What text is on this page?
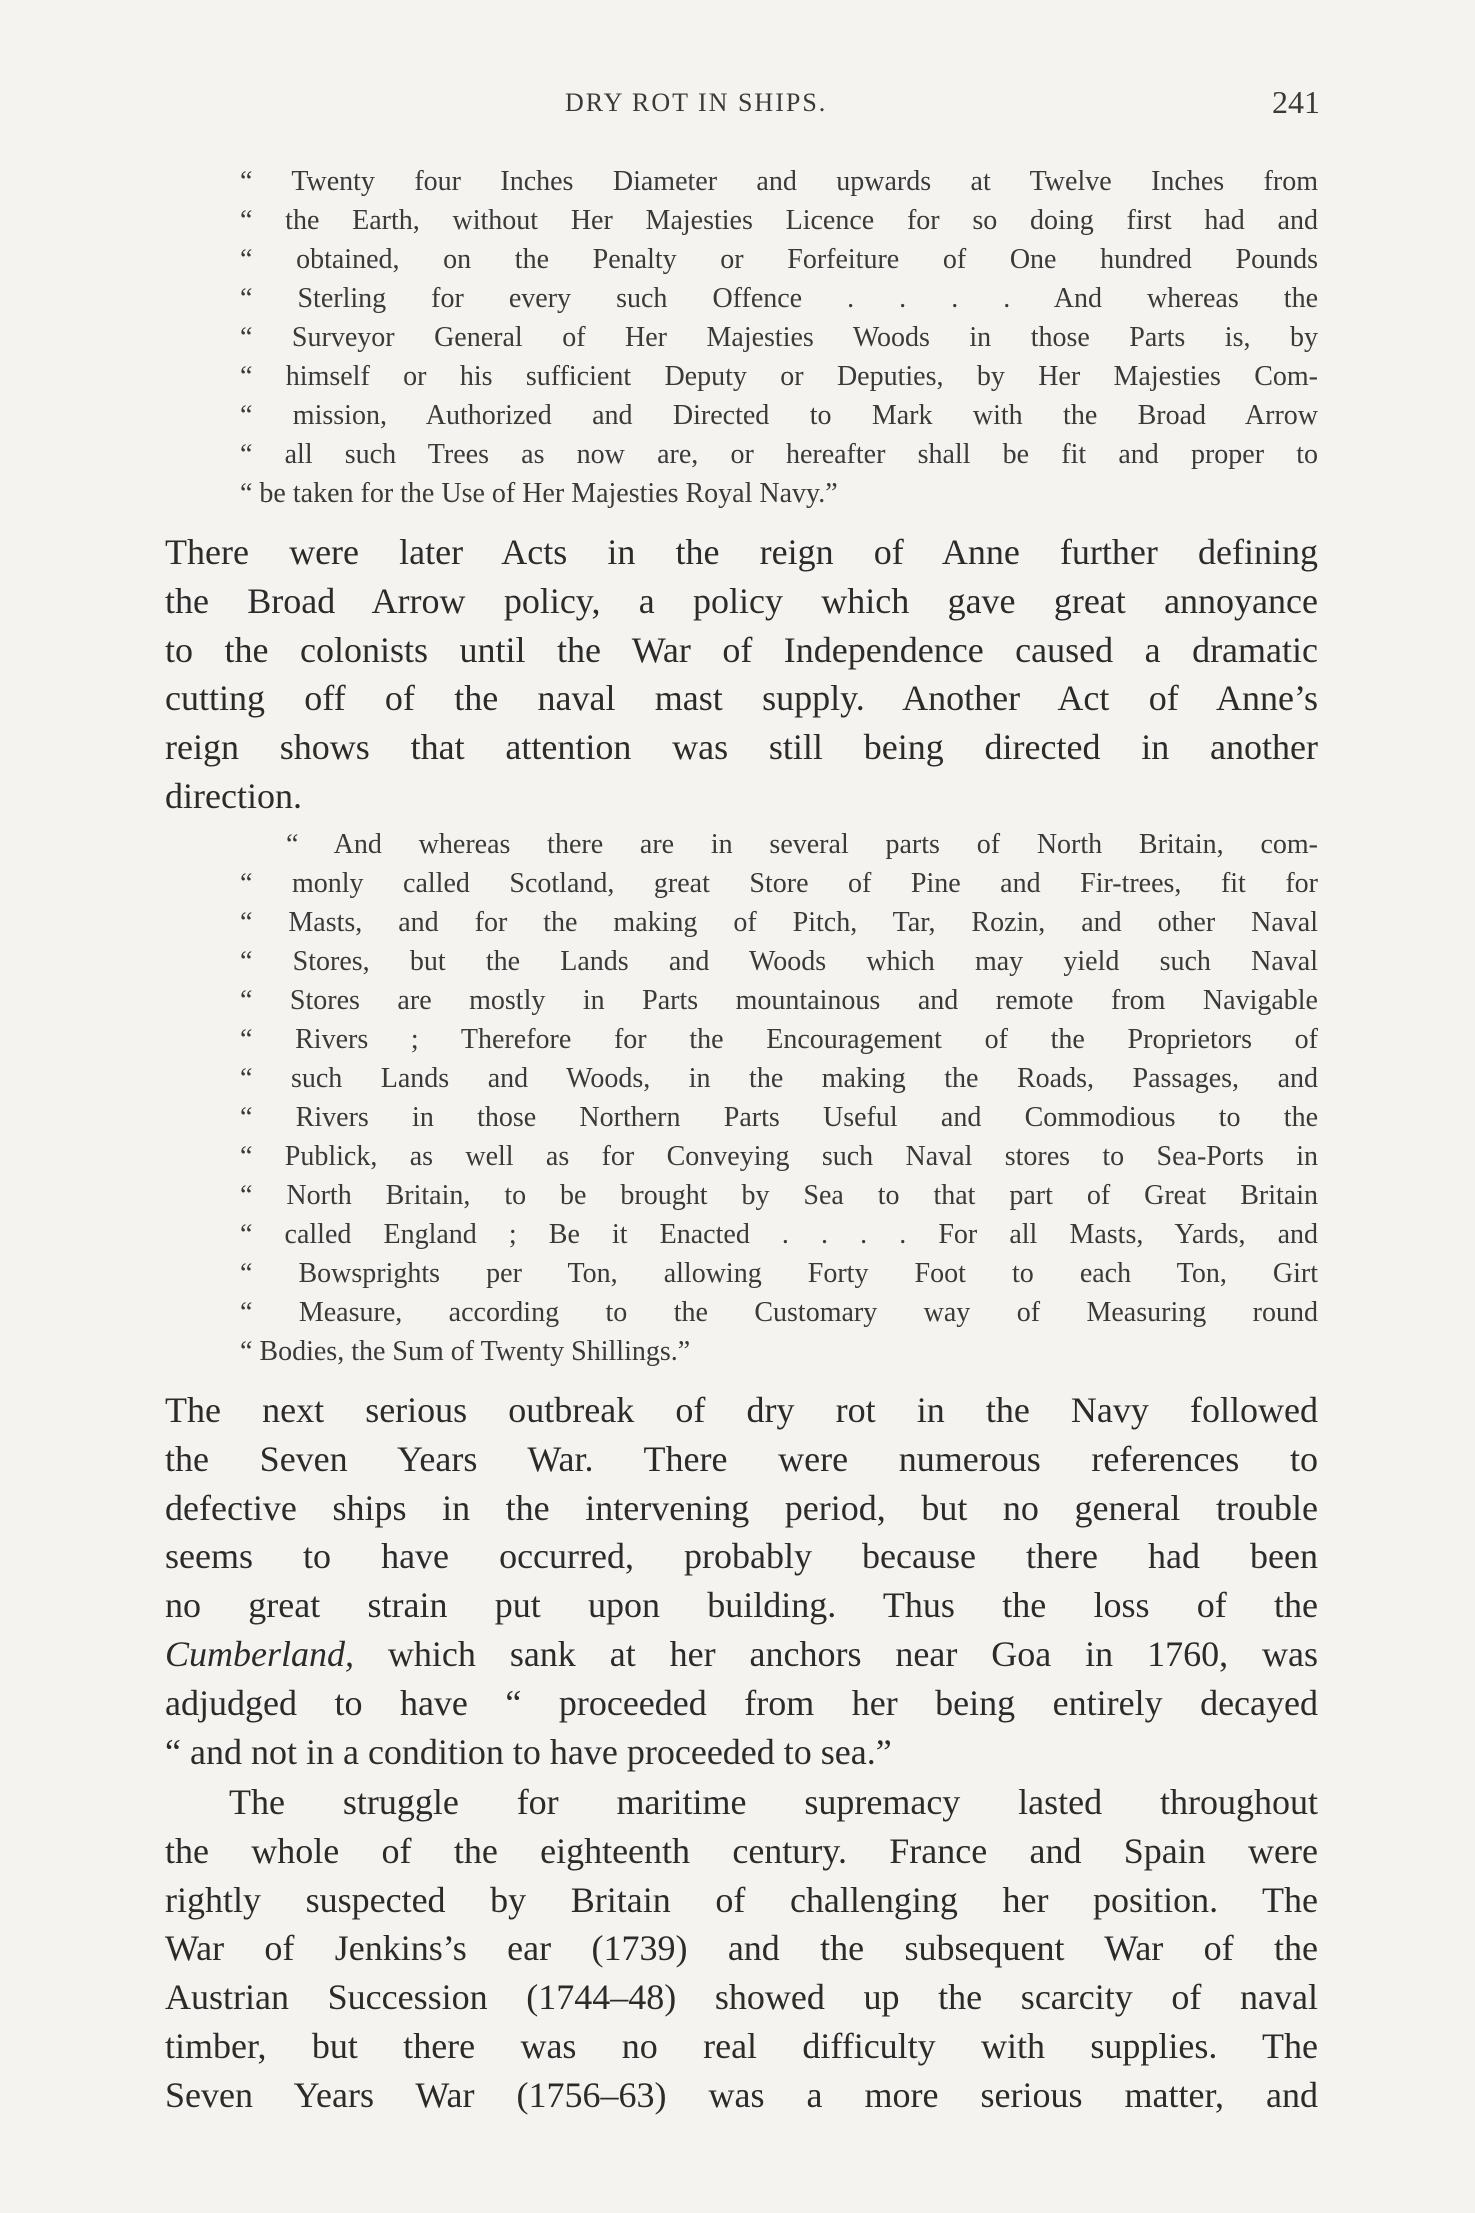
DRY ROT IN SHIPS.	241
“ Twenty four Inches Diameter and upwards at Twelve Inches from
“ the Earth, without Her Majesties Licence for so doing first had and
“ obtained, on the Penalty or Forfeiture of One hundred Pounds
“ Sterling for every such Offence . . . . And whereas the
“ Surveyor General of Her Majesties Woods in those Parts is, by
“ himself or his sufficient Deputy or Deputies, by Her Majesties Com-
“ mission, Authorized and Directed to Mark with the Broad Arrow
“ all such Trees as now are, or hereafter shall be fit and proper to
“ be taken for the Use of Her Majesties Royal Navy.”
There were later Acts in the reign of Anne further defining
the Broad Arrow policy, a policy which gave great annoyance
to the colonists until the War of Independence caused a dramatic
cutting off of the naval mast supply. Another Act of Anne’s
reign shows that attention was still being directed in another
direction.
“ And whereas there are in several parts of North Britain, com-
“ monly called Scotland, great Store of Pine and Fir-trees, fit for
“ Masts, and for the making of Pitch, Tar, Rozin, and other Naval
“ Stores, but the Lands and Woods which may yield such Naval
“ Stores are mostly in Parts mountainous and remote from Navigable
“ Rivers ; Therefore for the Encouragement of the Proprietors of
“ such Lands and Woods, in the making the Roads, Passages, and
“ Rivers in those Northern Parts Useful and Commodious to the
“ Publick, as well as for Conveying such Naval stores to Sea-Ports in
“ North Britain, to be brought by Sea to that part of Great Britain
“ called England ; Be it Enacted . . . . For all Masts, Yards, and
“ Bowsprights per Ton, allowing Forty Foot to each Ton, Girt
“ Measure, according to the Customary way of Measuring round
“ Bodies, the Sum of Twenty Shillings.”
The next serious outbreak of dry rot in the Navy followed
the Seven Years War. There were numerous references to
defective ships in the intervening period, but no general trouble
seems to have occurred, probably because there had been
no great strain put upon building. Thus the loss of the
Cumberland, which sank at her anchors near Goa in 1760, was
adjudged to have “ proceeded from her being entirely decayed
“ and not in a condition to have proceeded to sea.”
The struggle for maritime supremacy lasted throughout
the whole of the eighteenth century. France and Spain were
rightly suspected by Britain of challenging her position. The
War of Jenkins’s ear (1739) and the subsequent War of the
Austrian Succession (1744–48) showed up the scarcity of naval
timber, but there was no real difficulty with supplies. The
Seven Years War (1756–63) was a more serious matter, and
